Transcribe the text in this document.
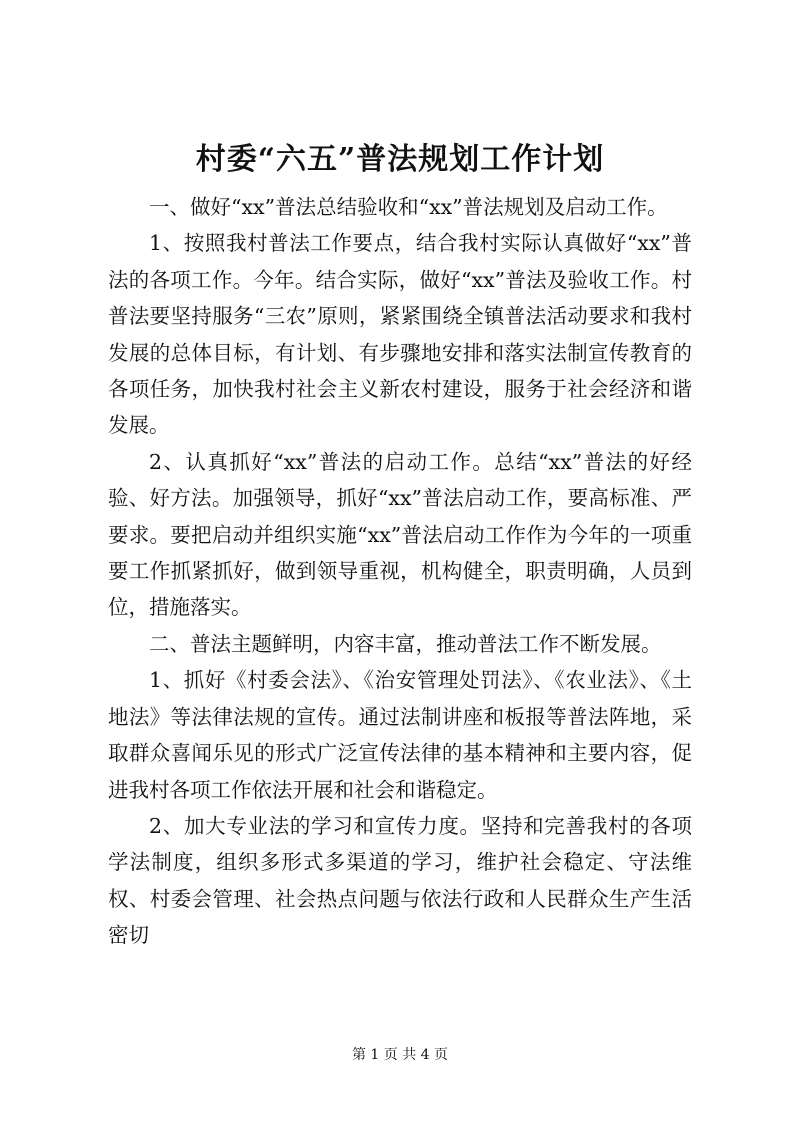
村委“六五”普法规划工作计划

一、做好“xx”普法总结验收和“xx”普法规划及启动工作。

1、按照我村普法工作要点，结合我村实际认真做好“xx”普法的各项工作。今年。结合实际，做好“xx”普法及验收工作。村普法要坚持服务“三农”原则，紧紧围绕全镇普法活动要求和我村发展的总体目标，有计划、有步骤地安排和落实法制宣传教育的各项任务，加快我村社会主义新农村建设，服务于社会经济和谐发展。

2、认真抓好“xx”普法的启动工作。总结“xx”普法的好经验、好方法。加强领导，抓好“xx”普法启动工作，要高标准、严要求。要把启动并组织实施“xx”普法启动工作作为今年的一项重要工作抓紧抓好，做到领导重视，机构健全，职责明确，人员到位，措施落实。

二、普法主题鲜明，内容丰富，推动普法工作不断发展。

1、抓好《村委会法》、《治安管理处罚法》、《农业法》、《土地法》等法律法规的宣传。通过法制讲座和板报等普法阵地，采取群众喜闻乐见的形式广泛宣传法律的基本精神和主要内容，促进我村各项工作依法开展和社会和谐稳定。

2、加大专业法的学习和宣传力度。坚持和完善我村的各项学法制度，组织多形式多渠道的学习，维护社会稳定、守法维权、村委会管理、社会热点问题与依法行政和人民群众生产生活密切

第 1 页 共 4 页
